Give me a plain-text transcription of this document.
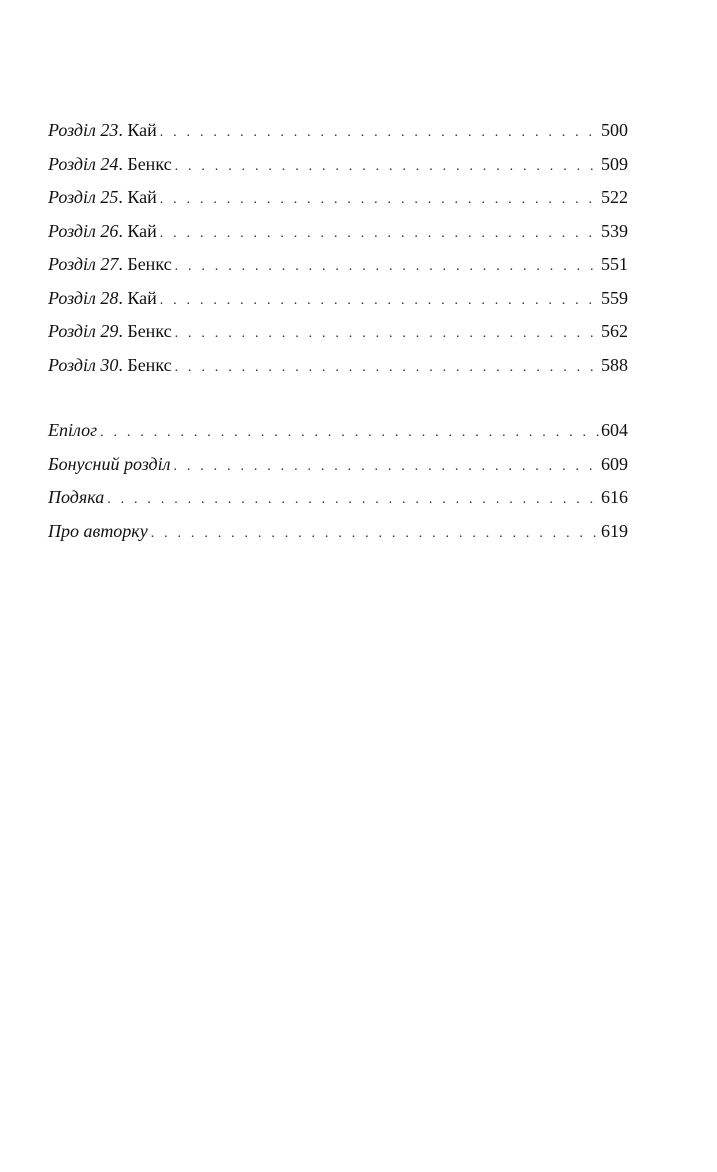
Розділ 23. Кай . . .	500
Розділ 24. Бенкс . . .	509
Розділ 25. Кай . . .	522
Розділ 26. Кай . . .	539
Розділ 27. Бенкс . . .	551
Розділ 28. Кай . . .	559
Розділ 29. Бенкс . . .	562
Розділ 30. Бенкс . . .	588
Епілог . . .	604
Бонусний розділ . . .	609
Подяка . . .	616
Про авторку . . .	619
